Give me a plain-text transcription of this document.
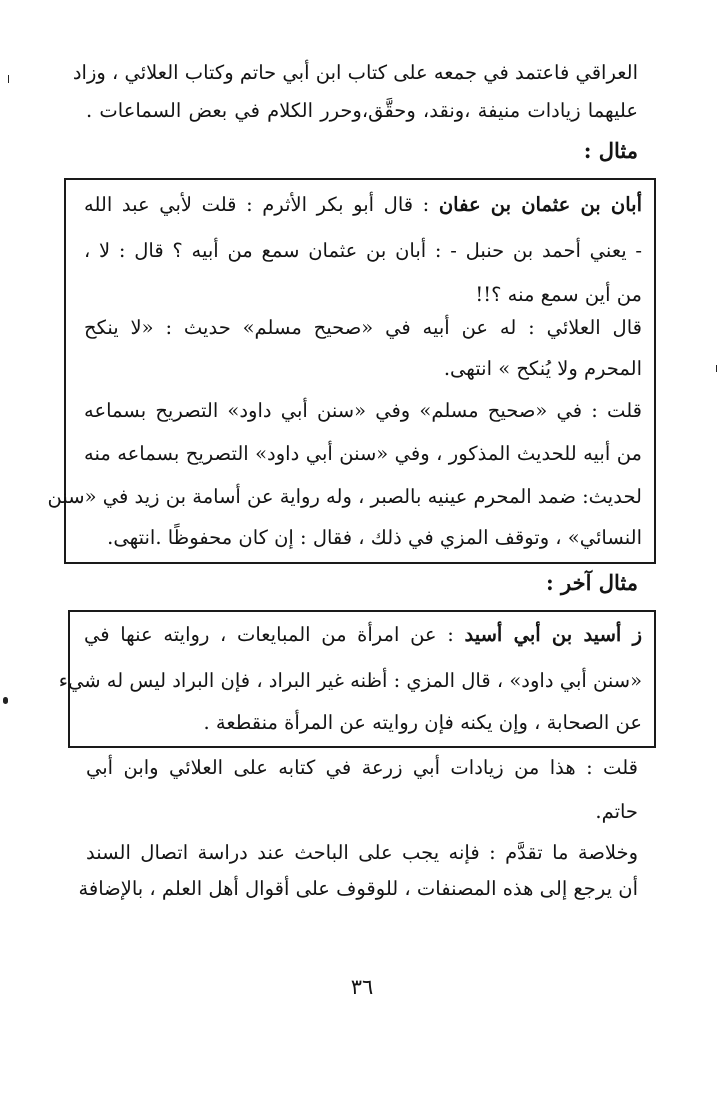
العراقي فاعتمد في جمعه على كتاب ابن أبي حاتم وكتاب العلائي ، وزاد
عليهما زيادات منيفة ،ونقد، وحقَّق،وحرر الكلام في بعض السماعات .
مثال :
أبان بن عثمان بن عفان : قال أبو بكر الأثرم : قلت لأبي عبد الله
- يعني أحمد بن حنبل - : أبان بن عثمان سمع من أبيه ؟ قال : لا ،
من أين سمع منه ؟!!
قال العلائي : له عن أبيه في «صحيح مسلم» حديث : «لا ينكح
المحرم ولا يُنكح » انتهى.
قلت : في «صحيح مسلم» وفي «سنن أبي داود» التصريح بسماعه
من أبيه للحديث المذكور ، وفي «سنن أبي داود» التصريح بسماعه منه
لحديث: ضمد المحرم عينيه بالصبر ، وله رواية عن أسامة بن زيد في «سنن
النسائي» ، وتوقف المزي في ذلك ، فقال : إن كان محفوظًا .انتهى.
مثال آخر :
ز أسيد بن أبي أسيد : عن امرأة من المبايعات ، روايته عنها في
«سنن أبي داود» ، قال المزي : أظنه غير البراد ، فإن البراد ليس له شيء
عن الصحابة ، وإن يكنه فإن روايته عن المرأة منقطعة .
قلت : هذا من زيادات أبي زرعة في كتابه على العلائي وابن أبي
حاتم.
وخلاصة ما تقدَّم : فإنه يجب على الباحث عند دراسة اتصال السند
أن يرجع إلى هذه المصنفات ، للوقوف على أقوال أهل العلم ، بالإضافة
٣٦
